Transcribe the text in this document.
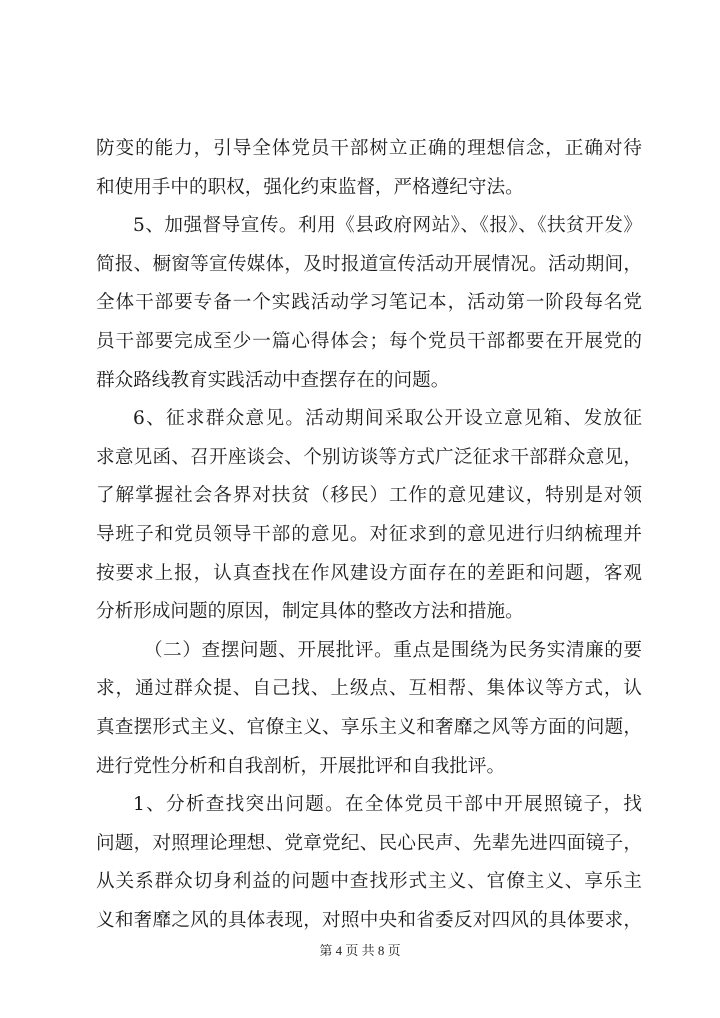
防变的能力，引导全体党员干部树立正确的理想信念，正确对待
和使用手中的职权，强化约束监督，严格遵纪守法。
5、加强督导宣传。利用《县政府网站》、《报》、《扶贫开发》
简报、橱窗等宣传媒体，及时报道宣传活动开展情况。活动期间，
全体干部要专备一个实践活动学习笔记本，活动第一阶段每名党
员干部要完成至少一篇心得体会；每个党员干部都要在开展党的
群众路线教育实践活动中查摆存在的问题。
6、征求群众意见。活动期间采取公开设立意见箱、发放征
求意见函、召开座谈会、个别访谈等方式广泛征求干部群众意见，
了解掌握社会各界对扶贫（移民）工作的意见建议，特别是对领
导班子和党员领导干部的意见。对征求到的意见进行归纳梳理并
按要求上报，认真查找在作风建设方面存在的差距和问题，客观
分析形成问题的原因，制定具体的整改方法和措施。
（二）查摆问题、开展批评。重点是围绕为民务实清廉的要
求，通过群众提、自己找、上级点、互相帮、集体议等方式，认
真查摆形式主义、官僚主义、享乐主义和奢靡之风等方面的问题，
进行党性分析和自我剖析，开展批评和自我批评。
1、分析查找突出问题。在全体党员干部中开展照镜子，找
问题，对照理论理想、党章党纪、民心民声、先辈先进四面镜子，
从关系群众切身利益的问题中查找形式主义、官僚主义、享乐主
义和奢靡之风的具体表现，对照中央和省委反对四风的具体要求，
第 4 页 共 8 页
